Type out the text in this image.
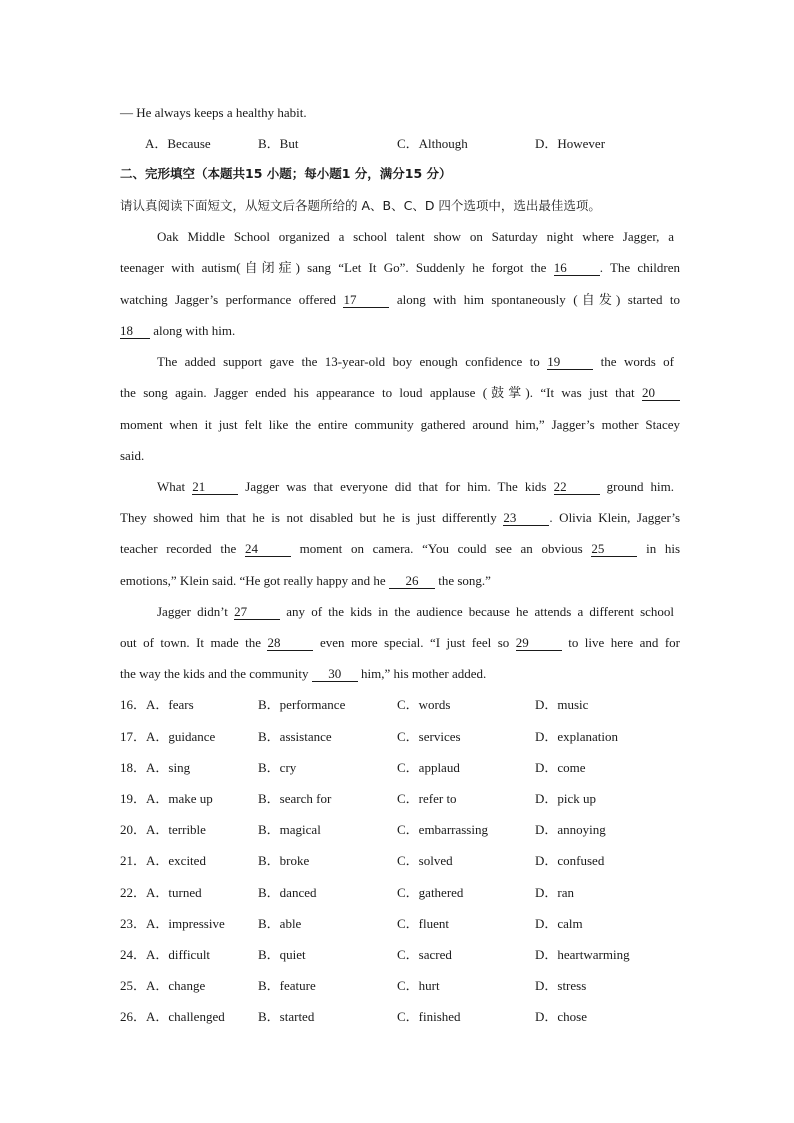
— He always keeps a healthy habit.
A．Because	B．But	C．Although	D．However
二、完形填空（本题共15 小题；每小题1 分，满分15 分）
请认真阅读下面短文，从短文后各题所给的 A、B、C、D 四个选项中，选出最佳选项。
Oak Middle School organized a school talent show on Saturday night where Jagger, a
teenager with autism(自闭症) sang “Let It Go”. Suddenly he forgot the 16	. The children
watching Jagger’s performance offered 17	along with him spontaneously (自发) started to
18 along with him.
The added support gave the 13-year-old boy enough confidence to 19	the words of
the song again. Jagger ended his appearance to loud applause (鼓掌). “It was just that 20
moment when it just felt like the entire community gathered around him,” Jagger’s mother Stacey
said.
What 21	Jagger was that everyone did that for him. The kids 22	ground him.
They showed him that he is not disabled but he is just differently 23	. Olivia Klein, Jagger’s
teacher recorded the 24	moment on camera. “You could see an obvious 25	in his
emotions,” Klein said. “He got really happy and he 26 the song.”
Jagger didn’t 27	any of the kids in the audience because he attends a different school
out of town. It made the 28	even more special. “I just feel so 29	to live here and for
the way the kids and the community 30 him,” his mother added.
16．A．fears	B．performance	C．words	D．music
17．A．guidance	B．assistance	C．services	D．explanation
18．A．sing	B．cry	C．applaud	D．come
19．A．make up	B．search for	C．refer to	D．pick up
20．A．terrible	B．magical	C．embarrassing	D．annoying
21．A．excited	B．broke	C．solved	D．confused
22．A．turned	B．danced	C．gathered	D．ran
23．A．impressive	B．able	C．fluent	D．calm
24．A．difficult	B．quiet	C．sacred	D．heartwarming
25．A．change	B．feature	C．hurt	D．stress
26．A．challenged	B．started	C．finished	D．chose
